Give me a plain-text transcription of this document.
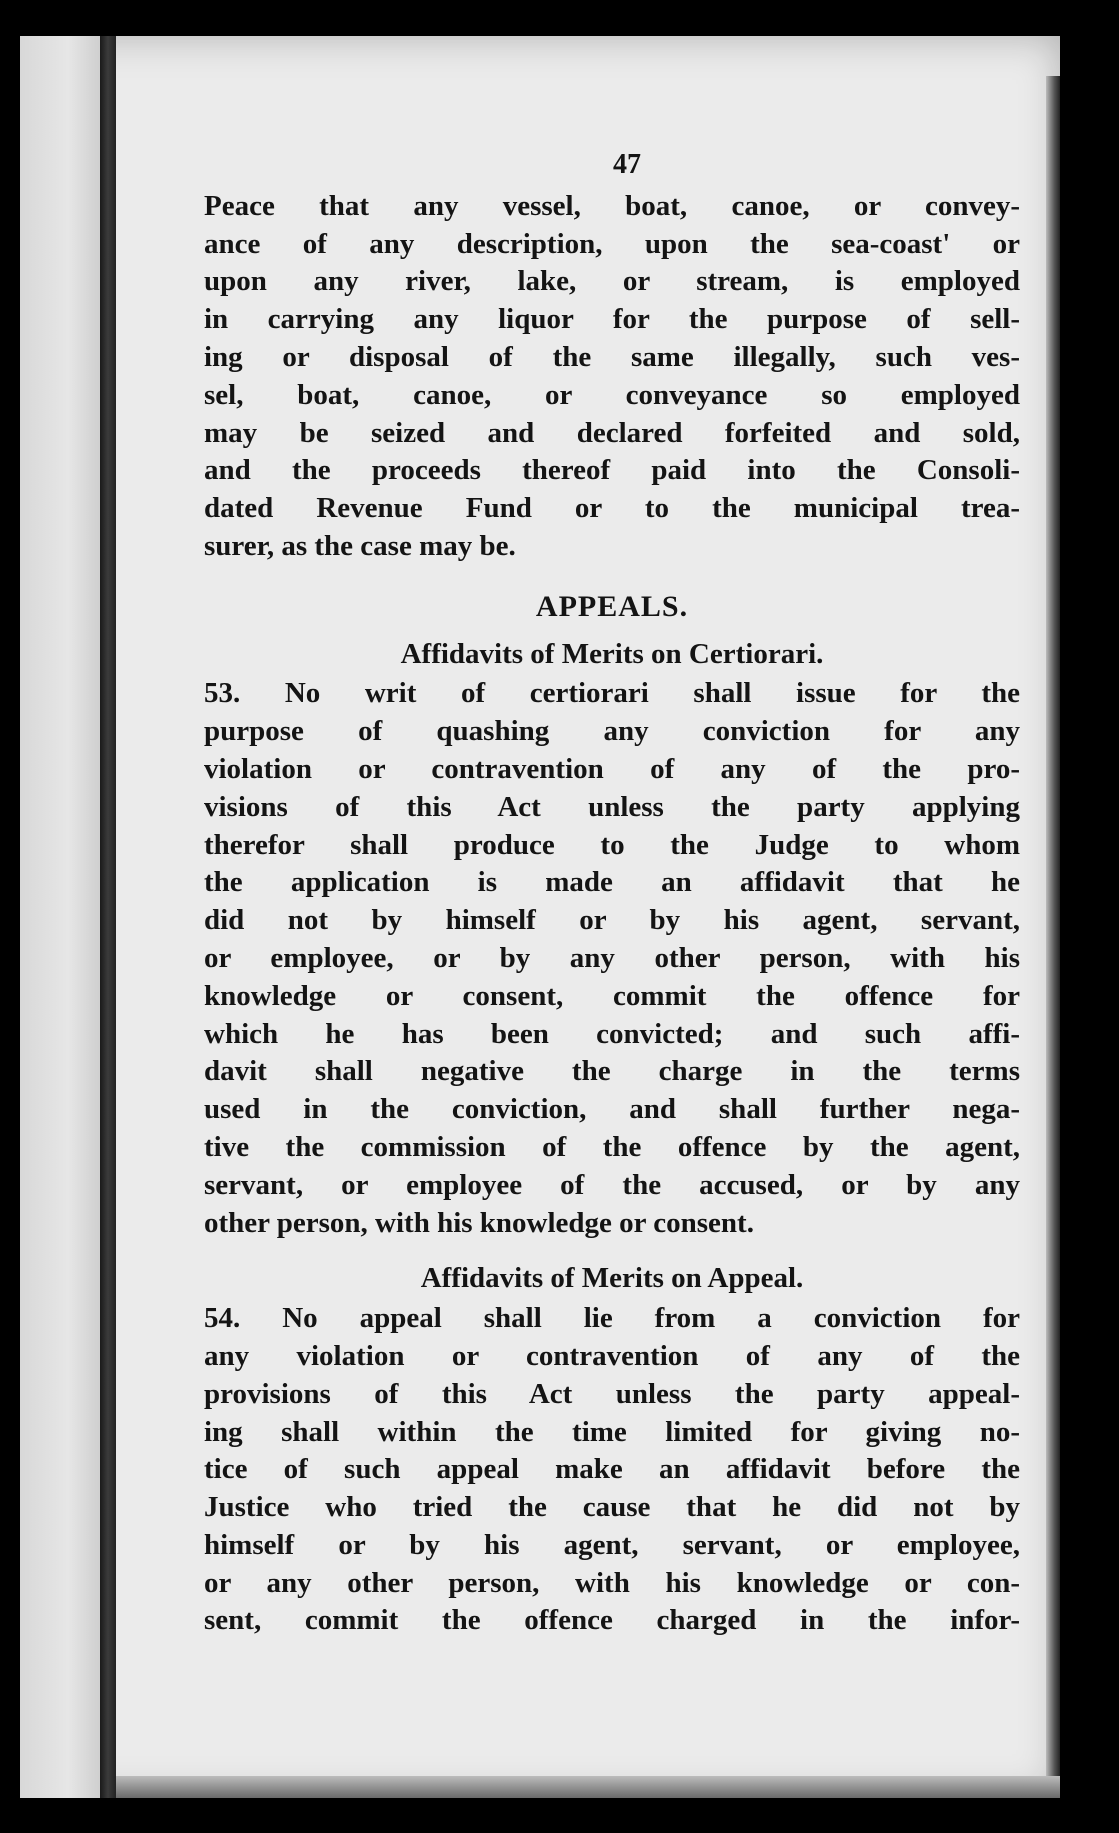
47

Peace that any vessel, boat, canoe, or convey-
ance of any description, upon the sea-coast' or
upon any river, lake, or stream, is employed
in carrying any liquor for the purpose of sell-
ing or disposal of the same illegally, such ves-
sel, boat, canoe, or conveyance so employed
may be seized and declared forfeited and sold,
and the proceeds thereof paid into the Consoli-
dated Revenue Fund or to the municipal trea-
surer, as the case may be.

APPEALS.
Affidavits of Merits on Certiorari.

53. No writ of certiorari shall issue for the
purpose of quashing any conviction for any
violation or contravention of any of the pro-
visions of this Act unless the party applying
therefor shall produce to the Judge to whom
the application is made an affidavit that he
did not by himself or by his agent, servant,
or employee, or by any other person, with his
knowledge or consent, commit the offence for
which he has been convicted; and such affi-
davit shall negative the charge in the terms
used in the conviction, and shall further nega-
tive the commission of the offence by the agent,
servant, or employee of the accused, or by any
other person, with his knowledge or consent.

Affidavits of Merits on Appeal.

54. No appeal shall lie from a conviction for
any violation or contravention of any of the
provisions of this Act unless the party appeal-
ing shall within the time limited for giving no-
tice of such appeal make an affidavit before the
Justice who tried the cause that he did not by
himself or by his agent, servant, or employee,
or any other person, with his knowledge or con-
sent, commit the offence charged in the infor-
